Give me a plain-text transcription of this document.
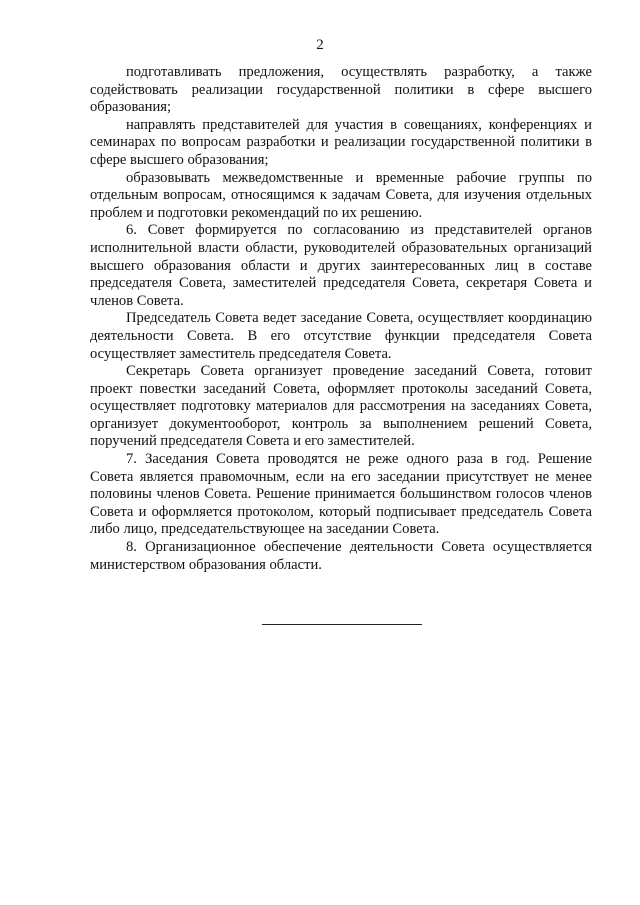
2

подготавливать предложения, осуществлять разработку, а также содействовать реализации государственной политики в сфере высшего образования;

направлять представителей для участия в совещаниях, конференциях и семинарах по вопросам разработки и реализации государственной политики в сфере высшего образования;

образовывать межведомственные и временные рабочие группы по отдельным вопросам, относящимся к задачам Совета, для изучения отдельных проблем и подготовки рекомендаций по их решению.

6. Совет формируется по согласованию из представителей органов исполнительной власти области, руководителей образовательных организаций высшего образования области и других заинтересованных лиц в составе председателя Совета, заместителей председателя Совета, секретаря Совета и членов Совета.

Председатель Совета ведет заседание Совета, осуществляет координацию деятельности Совета. В его отсутствие функции председателя Совета осуществляет заместитель председателя Совета.

Секретарь Совета организует проведение заседаний Совета, готовит проект повестки заседаний Совета, оформляет протоколы заседаний Совета, осуществляет подготовку материалов для рассмотрения на заседаниях Совета, организует документооборот, контроль за выполнением решений Совета, поручений председателя Совета и его заместителей.

7. Заседания Совета проводятся не реже одного раза в год. Решение Совета является правомочным, если на его заседании присутствует не менее половины членов Совета. Решение принимается большинством голосов членов Совета и оформляется протоколом, который подписывает председатель Совета либо лицо, председательствующее на заседании Совета.

8. Организационное обеспечение деятельности Совета осуществляется министерством образования области.
